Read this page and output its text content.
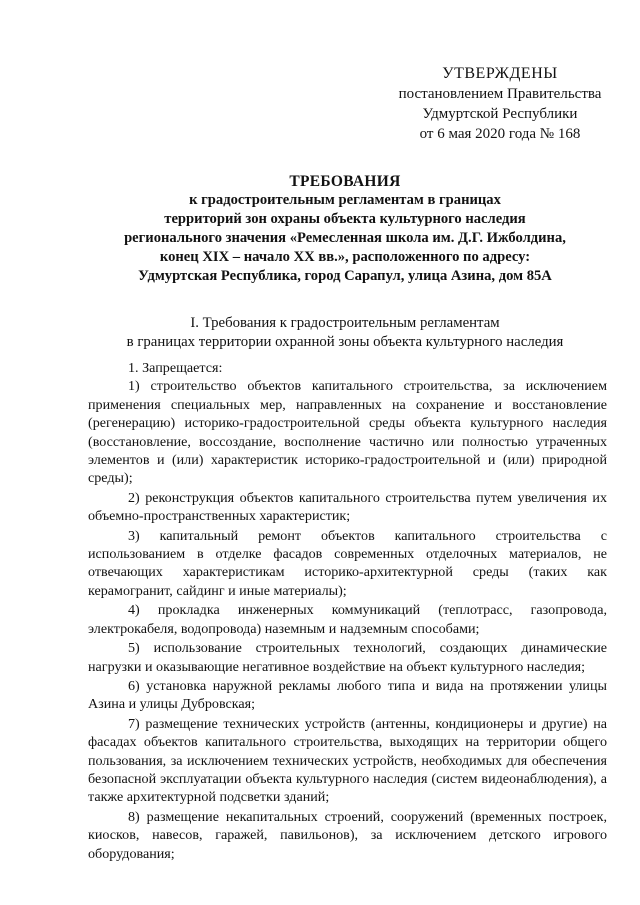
УТВЕРЖДЕНЫ
постановлением Правительства
Удмуртской Республики
от 6 мая 2020 года № 168
ТРЕБОВАНИЯ
к градостроительным регламентам в границах
территорий зон охраны объекта культурного наследия
регионального значения «Ремесленная школа им. Д.Г. Ижболдина,
конец XIX – начало XX вв.», расположенного по адресу:
Удмуртская Республика, город Сарапул, улица Азина, дом 85А
I. Требования к градостроительным регламентам
в границах территории охранной зоны объекта культурного наследия

1. Запрещается:

1) строительство объектов капитального строительства, за исключением применения специальных мер, направленных на сохранение и восстановление (регенерацию) историко-градостроительной среды объекта культурного наследия (восстановление, воссоздание, восполнение частично или полностью утраченных элементов и (или) характеристик историко-градостроительной и (или) природной среды);

2) реконструкция объектов капитального строительства путем увеличения их объемно-пространственных характеристик;

3) капитальный ремонт объектов капитального строительства с использованием в отделке фасадов современных отделочных материалов, не отвечающих характеристикам историко-архитектурной среды (таких как керамогранит, сайдинг и иные материалы);

4) прокладка инженерных коммуникаций (теплотрасс, газопровода, электрокабеля, водопровода) наземным и надземным способами;

5) использование строительных технологий, создающих динамические нагрузки и оказывающие негативное воздействие на объект культурного наследия;

6) установка наружной рекламы любого типа и вида на протяжении улицы Азина и улицы Дубровская;

7) размещение технических устройств (антенны, кондиционеры и другие) на фасадах объектов капитального строительства, выходящих на территории общего пользования, за исключением технических устройств, необходимых для обеспечения безопасной эксплуатации объекта культурного наследия (систем видеонаблюдения), а также архитектурной подсветки зданий;

8) размещение некапитальных строений, сооружений (временных построек, киосков, навесов, гаражей, павильонов), за исключением детского игрового оборудования;
